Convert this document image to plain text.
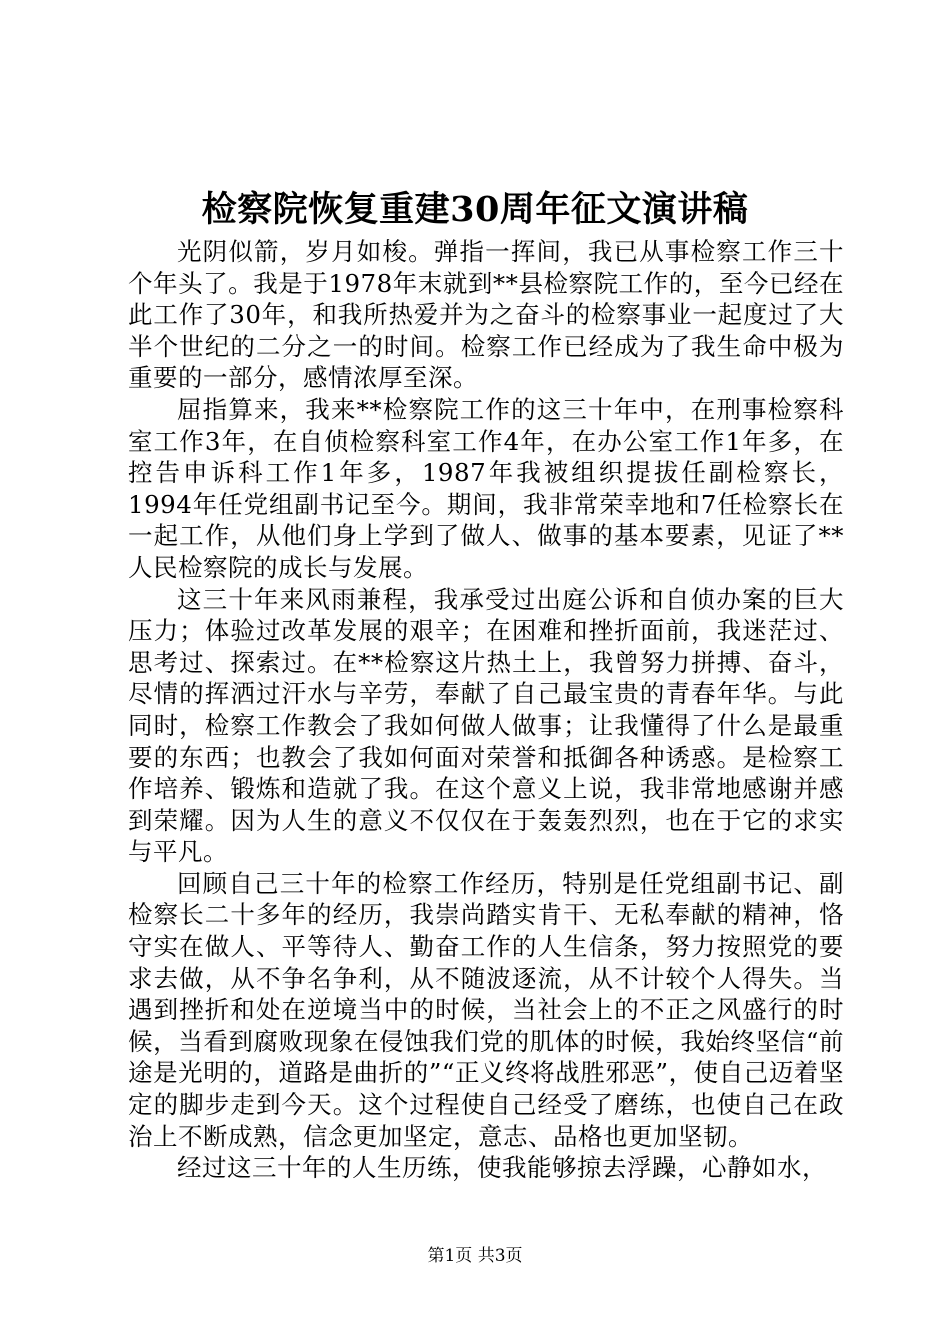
检察院恢复重建30周年征文演讲稿

光阴似箭，岁月如梭。弹指一挥间，我已从事检察工作三十个年头了。我是于1978年末就到**县检察院工作的，至今已经在此工作了30年，和我所热爱并为之奋斗的检察事业一起度过了大半个世纪的二分之一的时间。检察工作已经成为了我生命中极为重要的一部分，感情浓厚至深。

屈指算来，我来**检察院工作的这三十年中，在刑事检察科室工作3年，在自侦检察科室工作4年，在办公室工作1年多，在控告申诉科工作1年多，1987年我被组织提拔任副检察长，1994年任党组副书记至今。期间，我非常荣幸地和7任检察长在一起工作，从他们身上学到了做人、做事的基本要素，见证了**人民检察院的成长与发展。

这三十年来风雨兼程，我承受过出庭公诉和自侦办案的巨大压力；体验过改革发展的艰辛；在困难和挫折面前，我迷茫过、思考过、探索过。在**检察这片热土上，我曾努力拼搏、奋斗，尽情的挥洒过汗水与辛劳，奉献了自己最宝贵的青春年华。与此同时，检察工作教会了我如何做人做事；让我懂得了什么是最重要的东西；也教会了我如何面对荣誉和抵御各种诱惑。是检察工作培养、锻炼和造就了我。在这个意义上说，我非常地感谢并感到荣耀。因为人生的意义不仅仅在于轰轰烈烈，也在于它的求实与平凡。

回顾自己三十年的检察工作经历，特别是任党组副书记、副检察长二十多年的经历，我崇尚踏实肯干、无私奉献的精神，恪守实在做人、平等待人、勤奋工作的人生信条，努力按照党的要求去做，从不争名争利，从不随波逐流，从不计较个人得失。当遇到挫折和处在逆境当中的时候，当社会上的不正之风盛行的时候，当看到腐败现象在侵蚀我们党的肌体的时候，我始终坚信“前途是光明的，道路是曲折的”“正义终将战胜邪恶”，使自己迈着坚定的脚步走到今天。这个过程使自己经受了磨练，也使自己在政治上不断成熟，信念更加坚定，意志、品格也更加坚韧。

经过这三十年的人生历练，使我能够掠去浮躁，心静如水，

第1页 共3页
